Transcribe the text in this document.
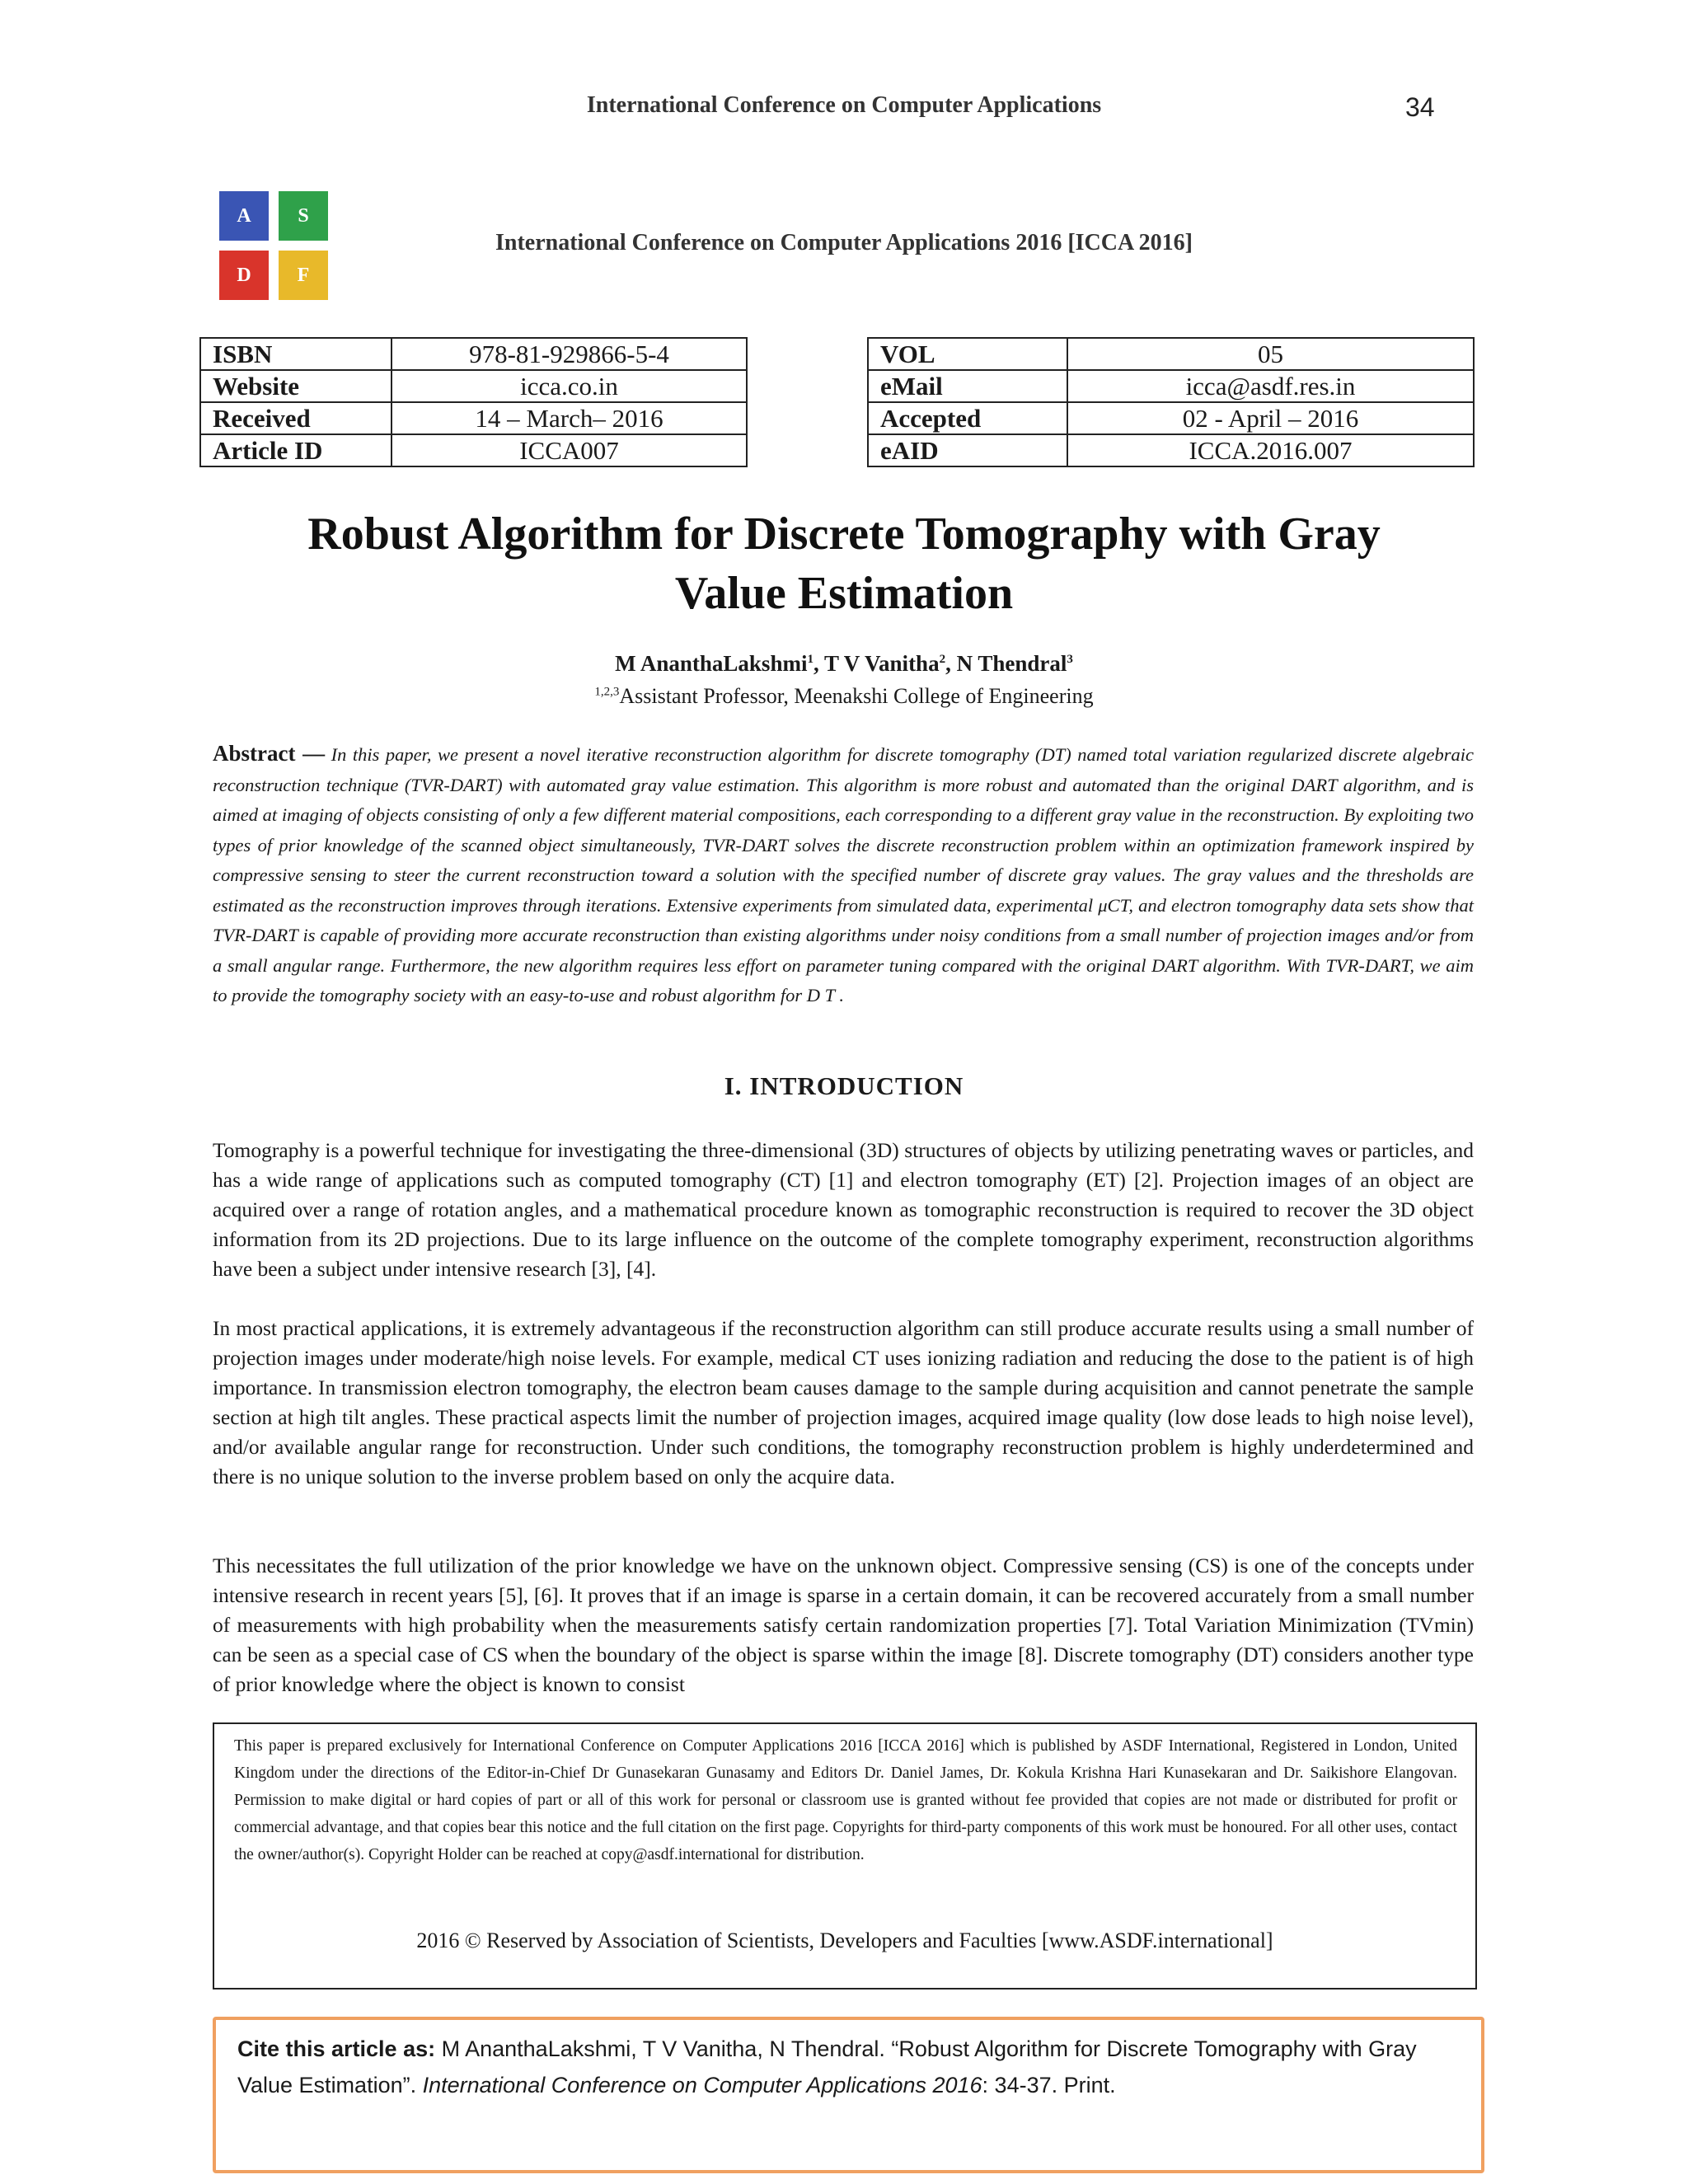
International Conference on Computer Applications	34
A	S
D	F
International Conference on Computer Applications 2016 [ICCA 2016]
ISBN	978-81-929866-5-4
Website	icca.co.in
Received	14 – March– 2016
Article ID	ICCA007
VOL	05
eMail	icca@asdf.res.in
Accepted	02 - April – 2016
eAID	ICCA.2016.007
Robust Algorithm for Discrete Tomography with Gray
Value Estimation
M AnanthaLakshmi$^1$, T V Vanitha$^2$, N Thendral$^3$
$^{1,2,3}$Assistant Professor, Meenakshi College of Engineering
Abstract — In this paper, we present a novel iterative reconstruction algorithm for discrete tomography (DT) named total variation regularized discrete algebraic reconstruction technique (TVR-DART) with automated gray value estimation. This algorithm is more robust and automated than the original DART algorithm, and is aimed at imaging of objects consisting of only a few different material compositions, each corresponding to a different gray value in the reconstruction. By exploiting two types of prior knowledge of the scanned object simultaneously, TVR-DART solves the discrete reconstruction problem within an optimization framework inspired by compressive sensing to steer the current reconstruction toward a solution with the specified number of discrete gray values. The gray values and the thresholds are estimated as the reconstruction improves through iterations. Extensive experiments from simulated data, experimental μCT, and electron tomography data sets show that TVR-DART is capable of providing more accurate reconstruction than existing algorithms under noisy conditions from a small number of projection images and/or from a small angular range. Furthermore, the new algorithm requires less effort on parameter tuning compared with the original DART algorithm. With TVR-DART, we aim to provide the tomography society with an easy-to-use and robust algorithm for D T .
I. INTRODUCTION
Tomography is a powerful technique for investigating the three-dimensional (3D) structures of objects by utilizing penetrating waves or particles, and has a wide range of applications such as computed tomography (CT) [1] and electron tomography (ET) [2]. Projection images of an object are acquired over a range of rotation angles, and a mathematical procedure known as tomographic reconstruction is required to recover the 3D object information from its 2D projections. Due to its large influence on the outcome of the complete tomography experiment, reconstruction algorithms have been a subject under intensive research [3], [4].
In most practical applications, it is extremely advantageous if the reconstruction algorithm can still produce accurate results using a small number of projection images under moderate/high noise levels. For example, medical CT uses ionizing radiation and reducing the dose to the patient is of high importance. In transmission electron tomography, the electron beam causes damage to the sample during acquisition and cannot penetrate the sample section at high tilt angles. These practical aspects limit the number of projection images, acquired image quality (low dose leads to high noise level), and/or available angular range for reconstruction. Under such conditions, the tomography reconstruction problem is highly underdetermined and there is no unique solution to the inverse problem based on only the acquire data.
This necessitates the full utilization of the prior knowledge we have on the unknown object. Compressive sensing (CS) is one of the concepts under intensive research in recent years [5], [6]. It proves that if an image is sparse in a certain domain, it can be recovered accurately from a small number of measurements with high probability when the measurements satisfy certain randomization properties [7]. Total Variation Minimization (TVmin) can be seen as a special case of CS when the boundary of the object is sparse within the image [8]. Discrete tomography (DT) considers another type of prior knowledge where the object is known to consist
This paper is prepared exclusively for International Conference on Computer Applications 2016 [ICCA 2016] which is published by ASDF International, Registered in London, United Kingdom under the directions of the Editor-in-Chief Dr Gunasekaran Gunasamy and Editors Dr. Daniel James, Dr. Kokula Krishna Hari Kunasekaran and Dr. Saikishore Elangovan. Permission to make digital or hard copies of part or all of this work for personal or classroom use is granted without fee provided that copies are not made or distributed for profit or commercial advantage, and that copies bear this notice and the full citation on the first page. Copyrights for third-party components of this work must be honoured. For all other uses, contact the owner/author(s). Copyright Holder can be reached at copy@asdf.international for distribution.
2016 © Reserved by Association of Scientists, Developers and Faculties [www.ASDF.international]
Cite this article as: M AnanthaLakshmi, T V Vanitha, N Thendral. “Robust Algorithm for Discrete Tomography with Gray Value Estimation”. International Conference on Computer Applications 2016: 34-37. Print.
